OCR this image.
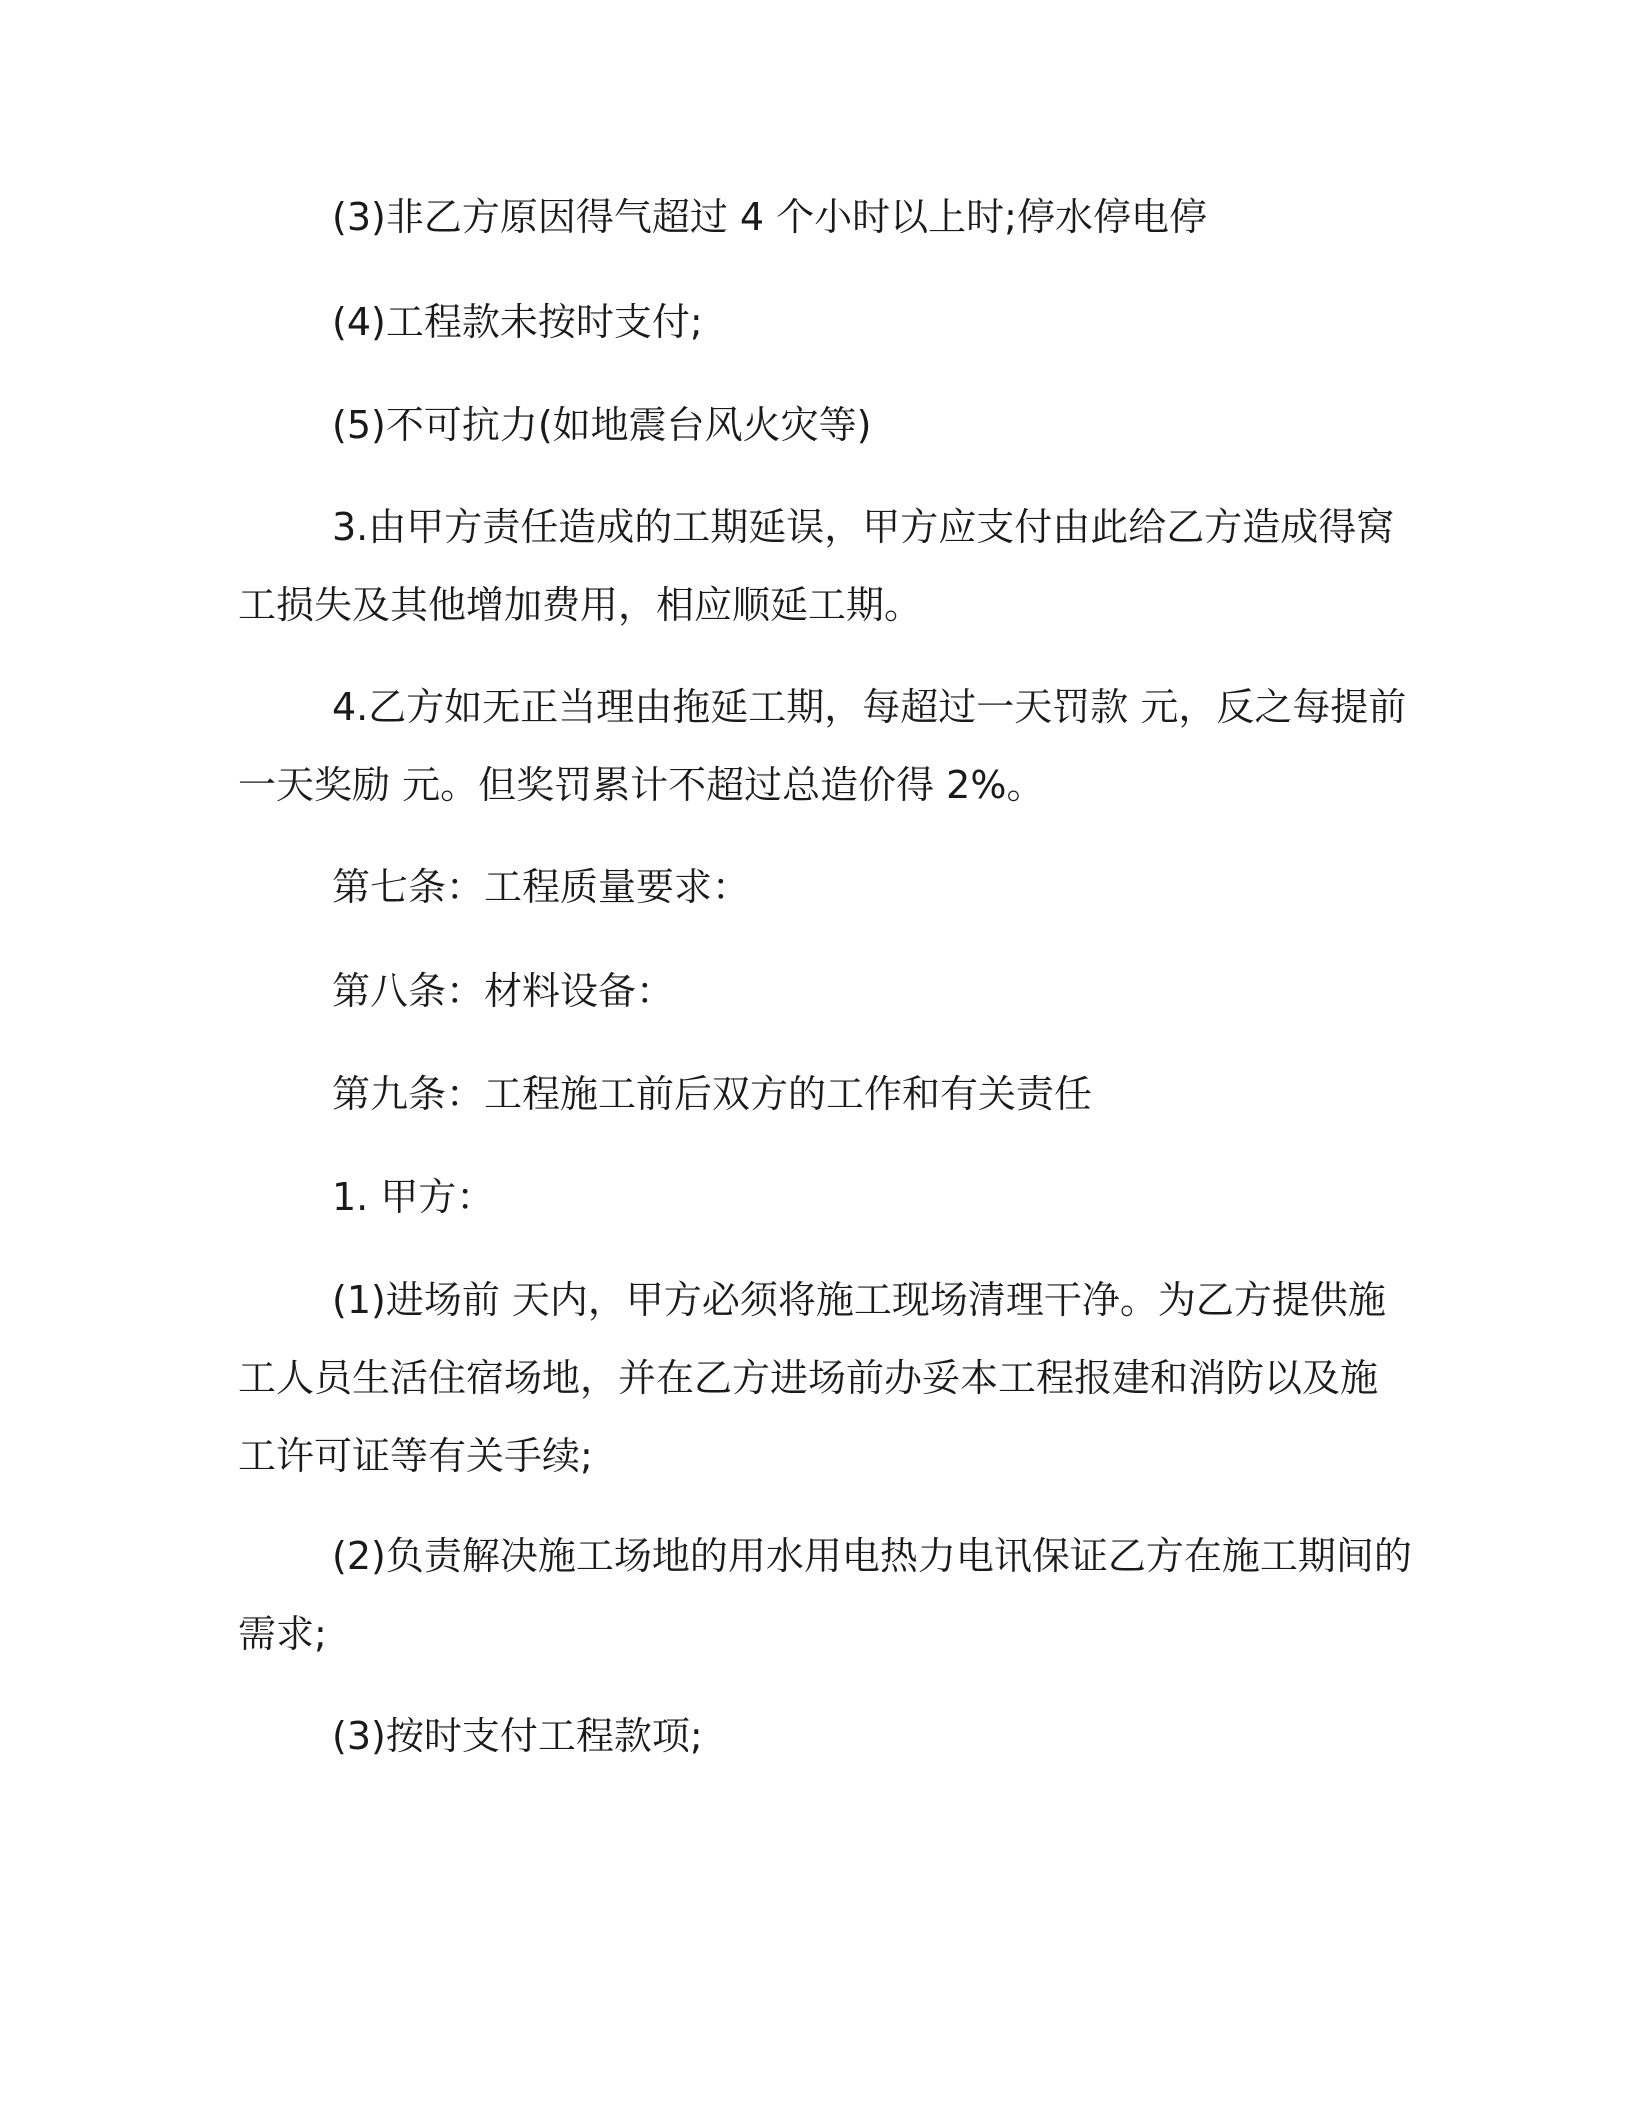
(3)非乙方原因得气超过 4 个小时以上时;停水停电停
(4)工程款未按时支付;
(5)不可抗力(如地震台风火灾等)
3.由甲方责任造成的工期延误，甲方应支付由此给乙方造成得窝
工损失及其他增加费用，相应顺延工期。
4.乙方如无正当理由拖延工期，每超过一天罚款 元，反之每提前
一天奖励 元。但奖罚累计不超过总造价得 2%。
第七条：工程质量要求：
第八条：材料设备：
第九条：工程施工前后双方的工作和有关责任
1. 甲方：
(1)进场前 天内，甲方必须将施工现场清理干净。为乙方提供施
工人员生活住宿场地，并在乙方进场前办妥本工程报建和消防以及施
工许可证等有关手续;
(2)负责解决施工场地的用水用电热力电讯保证乙方在施工期间的
需求;
(3)按时支付工程款项;
